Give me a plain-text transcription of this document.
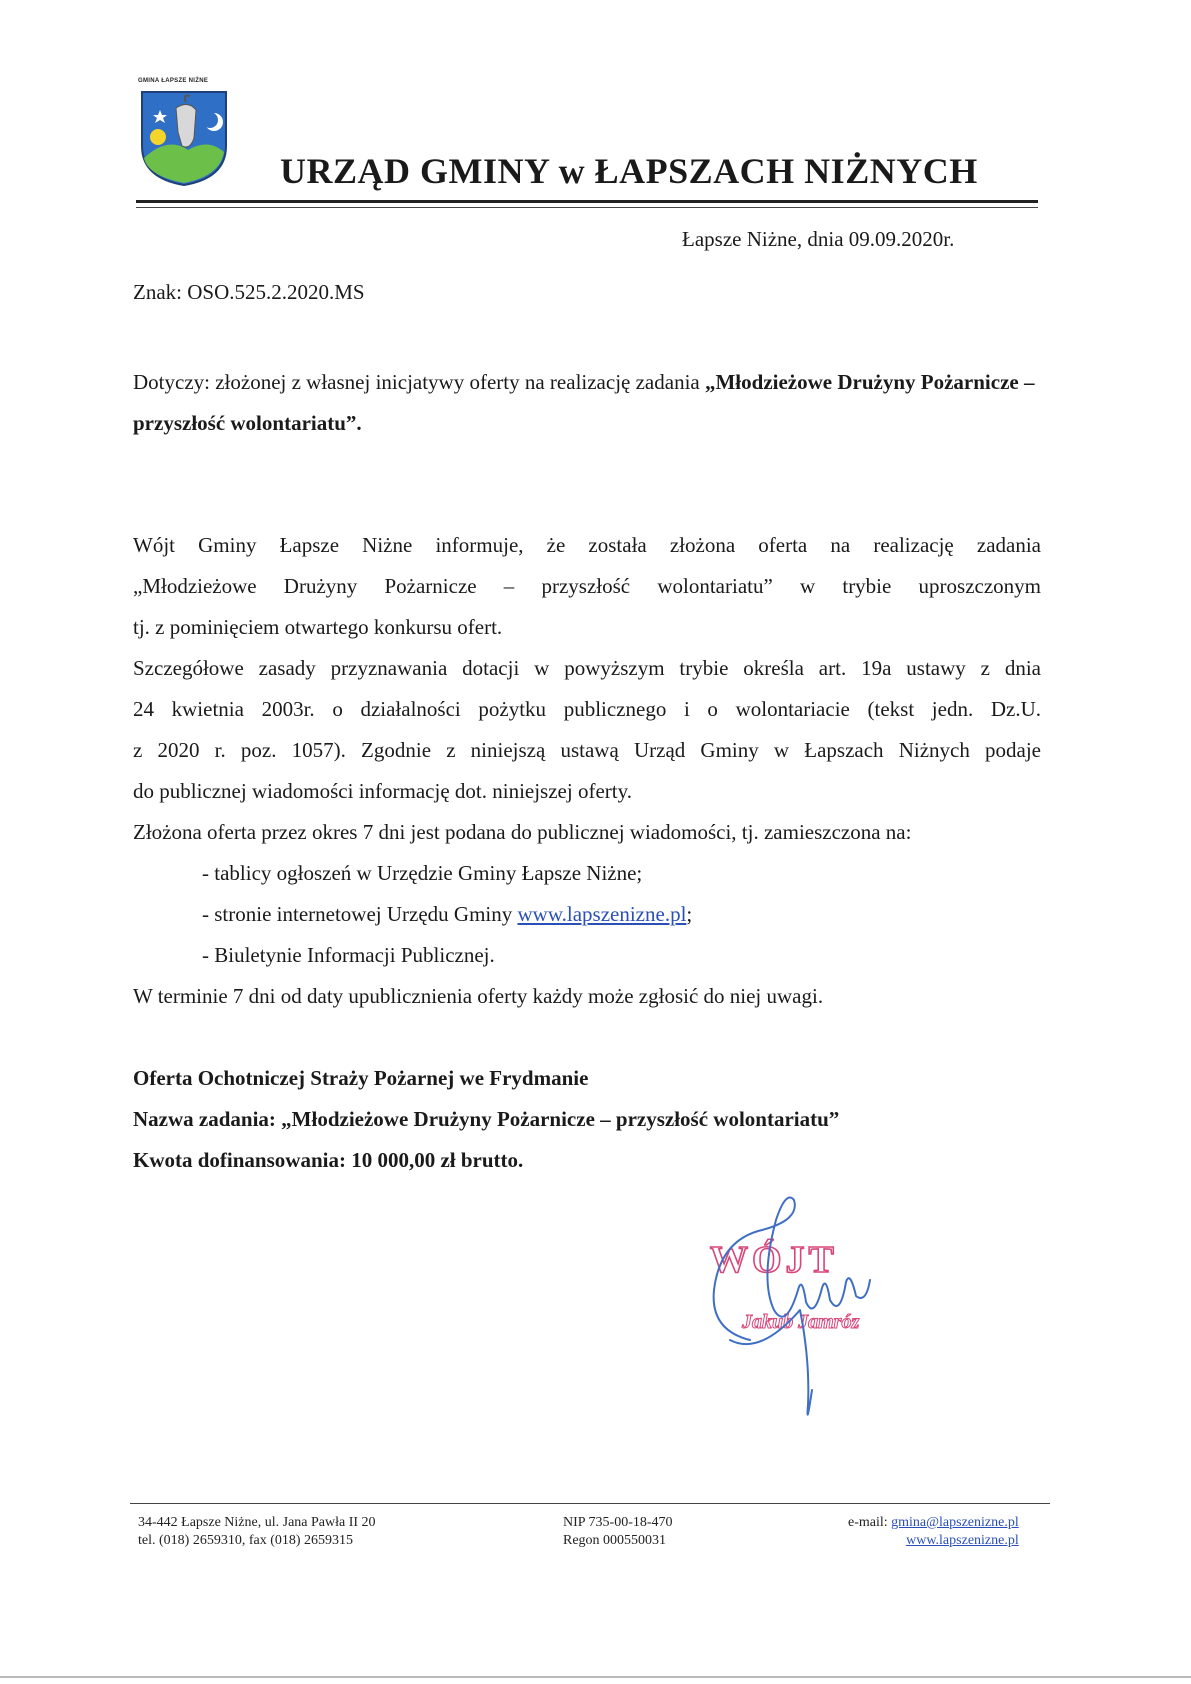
GMINA ŁAPSZE NIŻNE
URZĄD GMINY w ŁAPSZACH NIŻNYCH
Łapsze Niżne, dnia 09.09.2020r.
Znak: OSO.525.2.2020.MS
Dotyczy: złożonej z własnej inicjatywy oferty na realizację zadania „Młodzieżowe Drużyny Pożarnicze – przyszłość wolontariatu”.

Wójt Gminy Łapsze Niżne informuje, że została złożona oferta na realizację zadania

„Młodzieżowe Drużyny Pożarnicze – przyszłość wolontariatu” w trybie uproszczonym

tj. z pominięciem otwartego konkursu ofert.

Szczegółowe zasady przyznawania dotacji w powyższym trybie określa art. 19a ustawy z dnia

24 kwietnia 2003r. o działalności pożytku publicznego i o wolontariacie (tekst jedn. Dz.U.

z 2020 r. poz. 1057). Zgodnie z niniejszą ustawą Urząd Gminy w Łapszach Niżnych podaje

do publicznej wiadomości informację dot. niniejszej oferty.

Złożona oferta przez okres 7 dni jest podana do publicznej wiadomości, tj. zamieszczona na:

- tablicy ogłoszeń w Urzędzie Gminy Łapsze Niżne;

- stronie internetowej Urzędu Gminy www.lapszenizne.pl;

- Biuletynie Informacji Publicznej.

W terminie 7 dni od daty upublicznienia oferty każdy może zgłosić do niej uwagi.

Oferta Ochotniczej Straży Pożarnej we Frydmanie

Nazwa zadania: „Młodzieżowe Drużyny Pożarnicze – przyszłość wolontariatu”

Kwota dofinansowania: 10 000,00 zł brutto.

WÓJT
Jakub Jamróz
34-442 Łapsze Niżne, ul. Jana Pawła II 20
tel. (018) 2659310, fax (018) 2659315
NIP 735-00-18-470
Regon 000550031
e-mail: gmina@lapszenizne.pl
www.lapszenizne.pl
